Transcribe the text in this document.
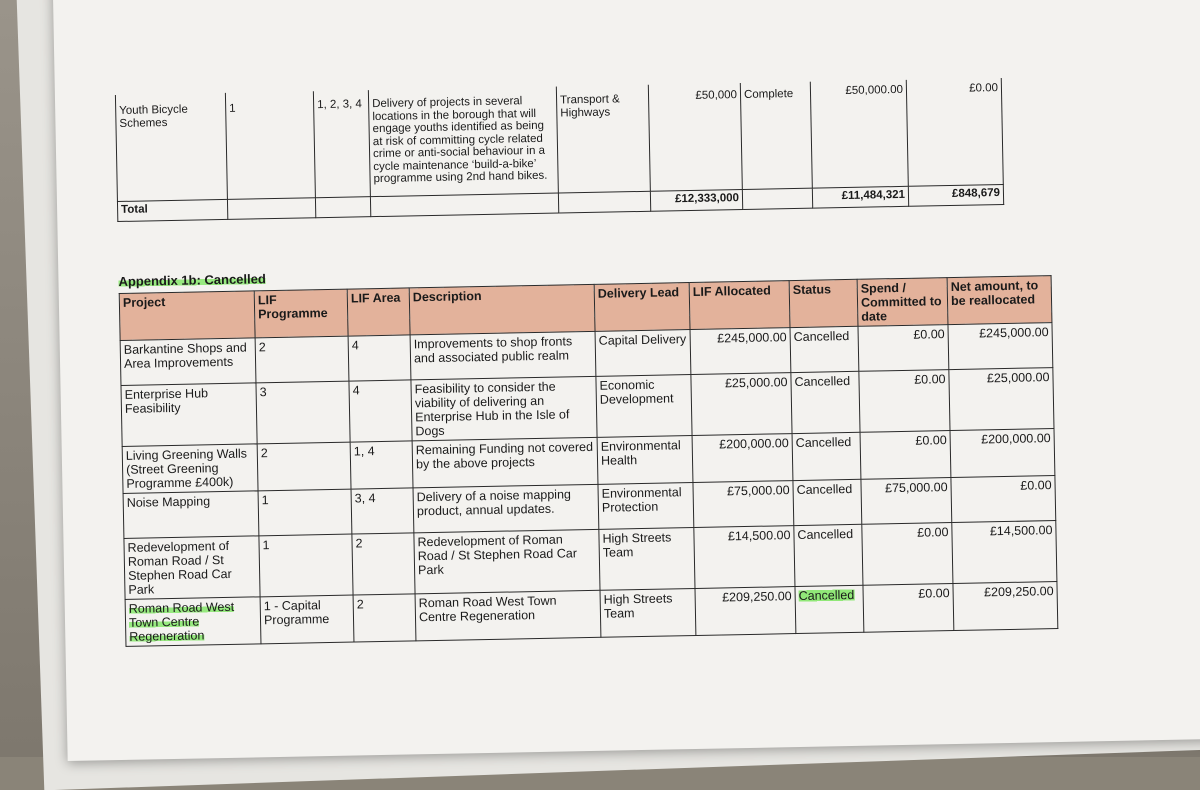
Youth Bicycle Schemes	1	1, 2, 3, 4	Delivery of projects in several locations in the borough that will engage youths identified as being at risk of committing cycle related crime or anti-social behaviour in a cycle maintenance ‘build-a-bike’ programme using 2nd hand bikes.	Transport & Highways	£50,000	Complete	£50,000.00	£0.00
Total					£12,333,000		£11,484,321	£848,679
Appendix 1b: Cancelled
Project	LIF Programme	LIF Area	Description	Delivery Lead	LIF Allocated	Status	Spend / Committed to date	Net amount, to be reallocated
Barkantine Shops and Area Improvements	2	4	Improvements to shop fronts and associated public realm	Capital Delivery	£245,000.00	Cancelled	£0.00	£245,000.00
Enterprise Hub Feasibility	3	4	Feasibility to consider the viability of delivering an Enterprise Hub in the Isle of Dogs	Economic Development	£25,000.00	Cancelled	£0.00	£25,000.00
Living Greening Walls (Street Greening Programme £400k)	2	1, 4	Remaining Funding not covered by the above projects	Environmental Health	£200,000.00	Cancelled	£0.00	£200,000.00
Noise Mapping	1	3, 4	Delivery of a noise mapping product, annual updates.	Environmental Protection	£75,000.00	Cancelled	£75,000.00	£0.00
Redevelopment of Roman Road / St Stephen Road Car Park	1	2	Redevelopment of Roman Road / St Stephen Road Car Park	High Streets Team	£14,500.00	Cancelled	£0.00	£14,500.00
Roman Road West Town Centre Regeneration	1 - Capital Programme	2	Roman Road West Town Centre Regeneration	High Streets Team	£209,250.00	Cancelled	£0.00	£209,250.00
